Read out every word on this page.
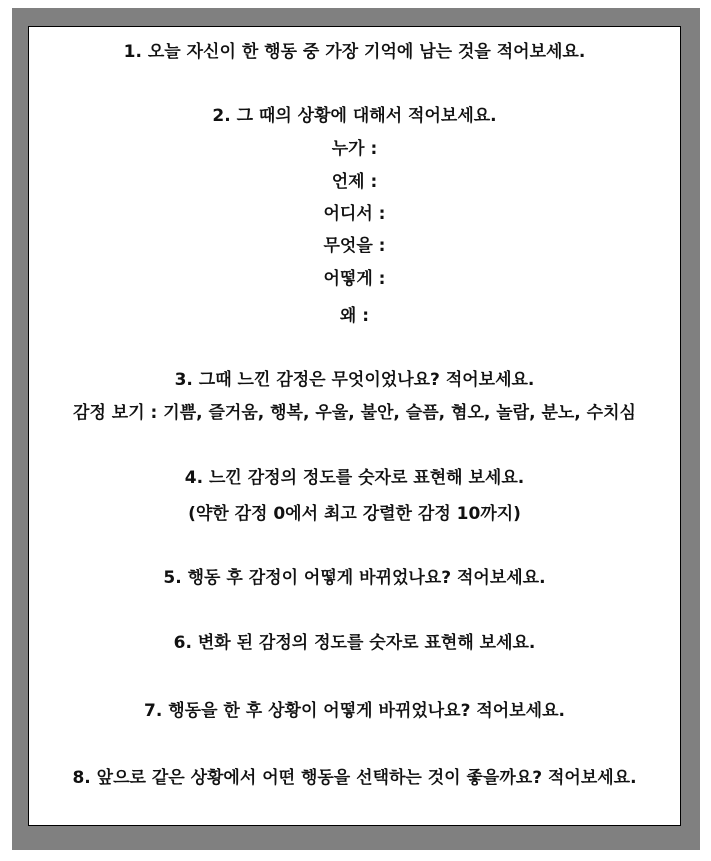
1. 오늘 자신이 한 행동 중 가장 기억에 남는 것을 적어보세요.
2. 그 때의 상황에 대해서 적어보세요.
누가 :
언제 :
어디서 :
무엇을 :
어떻게 :
왜 :
3. 그때 느낀 감정은 무엇이었나요? 적어보세요.
감정 보기 : 기쁨, 즐거움, 행복, 우울, 불안, 슬픔, 혐오, 놀람, 분노, 수치심
4. 느낀 감정의 정도를 숫자로 표현해 보세요.
(약한 감정 0에서 최고 강렬한 감정 10까지)
5. 행동 후 감정이 어떻게 바뀌었나요? 적어보세요.
6. 변화 된 감정의 정도를 숫자로 표현해 보세요.
7. 행동을 한 후 상황이 어떻게 바뀌었나요? 적어보세요.
8. 앞으로 같은 상황에서 어떤 행동을 선택하는 것이 좋을까요? 적어보세요.
